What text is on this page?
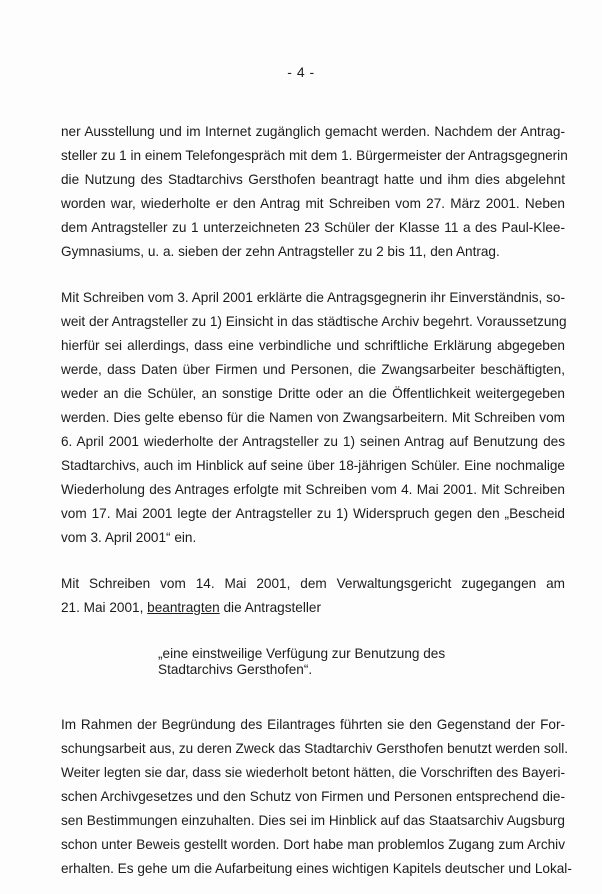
- 4 -
ner Ausstellung und im Internet zugänglich gemacht werden. Nachdem der Antrag-
steller zu 1 in einem Telefongespräch mit dem 1. Bürgermeister der Antragsgegnerin
die Nutzung des Stadtarchivs Gersthofen beantragt hatte und ihm dies abgelehnt
worden war, wiederholte er den Antrag mit Schreiben vom 27. März 2001. Neben
dem Antragsteller zu 1 unterzeichneten 23 Schüler der Klasse 11 a des Paul-Klee-
Gymnasiums, u. a. sieben der zehn Antragsteller zu 2 bis 11, den Antrag.
Mit Schreiben vom 3. April 2001 erklärte die Antragsgegnerin ihr Einverständnis, so-
weit der Antragsteller zu 1) Einsicht in das städtische Archiv begehrt. Voraussetzung
hierfür sei allerdings, dass eine verbindliche und schriftliche Erklärung abgegeben
werde, dass Daten über Firmen und Personen, die Zwangsarbeiter beschäftigten,
weder an die Schüler, an sonstige Dritte oder an die Öffentlichkeit weitergegeben
werden. Dies gelte ebenso für die Namen von Zwangsarbeitern. Mit Schreiben vom
6. April 2001 wiederholte der Antragsteller zu 1) seinen Antrag auf Benutzung des
Stadtarchivs, auch im Hinblick auf seine über 18-jährigen Schüler. Eine nochmalige
Wiederholung des Antrages erfolgte mit Schreiben vom 4. Mai 2001. Mit Schreiben
vom 17. Mai 2001 legte der Antragsteller zu 1) Widerspruch gegen den „Bescheid
vom 3. April 2001“ ein.
Mit Schreiben vom 14. Mai 2001, dem Verwaltungsgericht zugegangen am
21. Mai 2001, beantragten die Antragsteller
„eine einstweilige Verfügung zur Benutzung des
Stadtarchivs Gersthofen“.
Im Rahmen der Begründung des Eilantrages führten sie den Gegenstand der For-
schungsarbeit aus, zu deren Zweck das Stadtarchiv Gersthofen benutzt werden soll.
Weiter legten sie dar, dass sie wiederholt betont hätten, die Vorschriften des Bayeri-
schen Archivgesetzes und den Schutz von Firmen und Personen entsprechend die-
sen Bestimmungen einzuhalten. Dies sei im Hinblick auf das Staatsarchiv Augsburg
schon unter Beweis gestellt worden. Dort habe man problemlos Zugang zum Archiv
erhalten. Es gehe um die Aufarbeitung eines wichtigen Kapitels deutscher und Lokal-
